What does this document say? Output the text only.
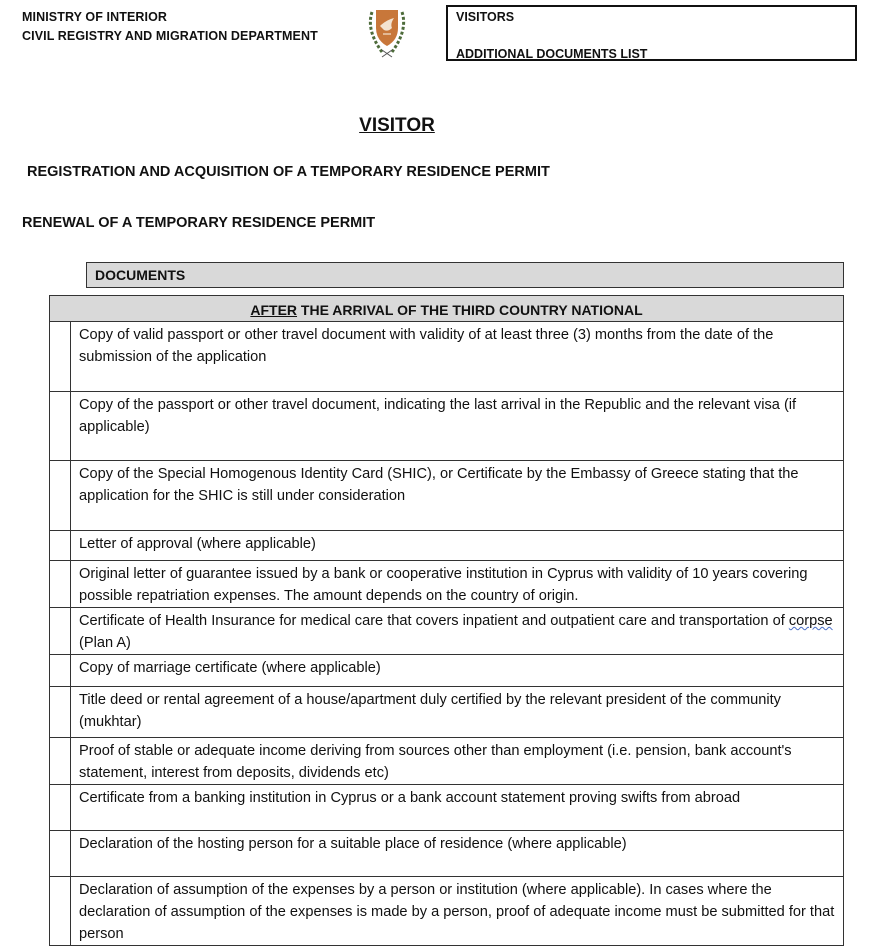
MINISTRY OF INTERIOR
CIVIL REGISTRY AND MIGRATION DEPARTMENT
VISITORS
ADDITIONAL DOCUMENTS LIST
VISITOR
REGISTRATION AND ACQUISITION OF A TEMPORARY RESIDENCE PERMIT
RENEWAL OF A TEMPORARY RESIDENCE PERMIT
DOCUMENTS
AFTER THE ARRIVAL OF THE THIRD COUNTRY NATIONAL	
	Copy of valid passport or other travel document with validity of at least three (3) months from the date of the submission of the application
	Copy of the passport or other travel document, indicating the last arrival in the Republic and the relevant visa (if applicable)
	Copy of the Special Homogenous Identity Card (SHIC), or Certificate by the Embassy of Greece stating that the application for the SHIC is still under consideration
	Letter of approval (where applicable)
	Original letter of guarantee issued by a bank or cooperative institution in Cyprus with validity of 10 years covering possible repatriation expenses. The amount depends on the country of origin.
	Certificate of Health Insurance for medical care that covers inpatient and outpatient care and transportation of corpse (Plan A)
	Copy of marriage certificate (where applicable)
	Title deed or rental agreement of a house/apartment duly certified by the relevant president of the community (mukhtar)
	Proof of stable or adequate income deriving from sources other than employment (i.e. pension, bank account's statement, interest from deposits, dividends etc)
	Certificate from a banking institution in Cyprus or a bank account statement proving swifts from abroad
	Declaration of the hosting person for a suitable place of residence (where applicable)
	Declaration of assumption of the expenses by a person or institution (where applicable). In cases where the declaration of assumption of the expenses is made by a person, proof of adequate income must be submitted for that person
